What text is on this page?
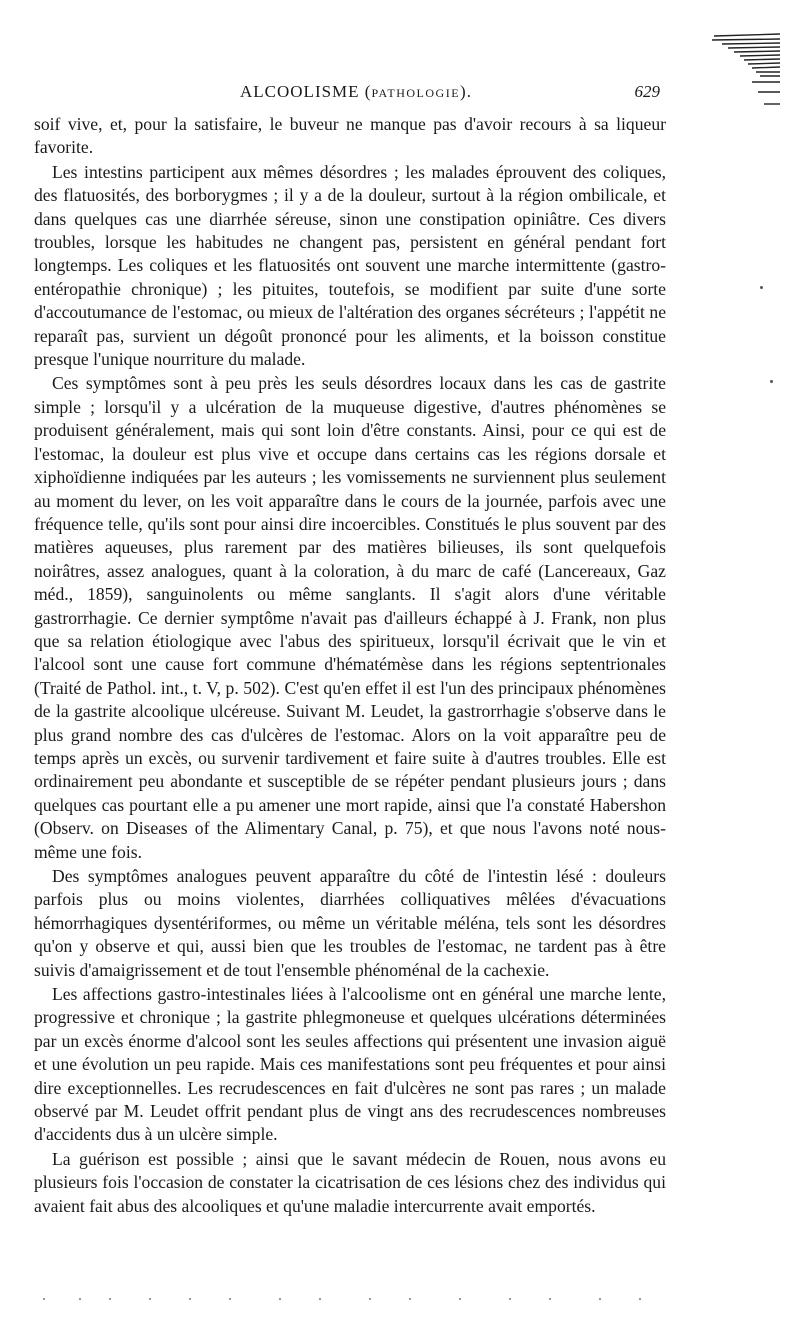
ALCOOLISME (PATHOLOGIE).	629

soif vive, et, pour la satisfaire, le buveur ne manque pas d'avoir recours à sa liqueur favorite.

Les intestins participent aux mêmes désordres ; les malades éprouvent des coliques, des flatuosités, des borborygmes ; il y a de la douleur, surtout à la région ombilicale, et dans quelques cas une diarrhée séreuse, sinon une constipation opiniâtre. Ces divers troubles, lorsque les habitudes ne changent pas, persistent en général pendant fort longtemps. Les coliques et les flatuosités ont souvent une marche intermittente (gastro-entéropathie chronique) ; les pituites, toutefois, se modifient par suite d'une sorte d'accoutumance de l'estomac, ou mieux de l'altération des organes sécréteurs ; l'appétit ne reparaît pas, survient un dégoût prononcé pour les aliments, et la boisson constitue presque l'unique nourriture du malade.

Ces symptômes sont à peu près les seuls désordres locaux dans les cas de gastrite simple ; lorsqu'il y a ulcération de la muqueuse digestive, d'autres phénomènes se produisent généralement, mais qui sont loin d'être constants. Ainsi, pour ce qui est de l'estomac, la douleur est plus vive et occupe dans certains cas les régions dorsale et xiphoïdienne indiquées par les auteurs ; les vomissements ne surviennent plus seulement au moment du lever, on les voit apparaître dans le cours de la journée, parfois avec une fréquence telle, qu'ils sont pour ainsi dire incoercibles. Constitués le plus souvent par des matières aqueuses, plus rarement par des matières bilieuses, ils sont quelquefois noirâtres, assez analogues, quant à la coloration, à du marc de café (Lancereaux, Gaz méd., 1859), sanguinolents ou même sanglants. Il s'agit alors d'une véritable gastrorrhagie. Ce dernier symptôme n'avait pas d'ailleurs échappé à J. Frank, non plus que sa relation étiologique avec l'abus des spiritueux, lorsqu'il écrivait que le vin et l'alcool sont une cause fort commune d'hématémèse dans les régions septentrionales (Traité de Pathol. int., t. V, p. 502). C'est qu'en effet il est l'un des principaux phénomènes de la gastrite alcoolique ulcéreuse. Suivant M. Leudet, la gastrorrhagie s'observe dans le plus grand nombre des cas d'ulcères de l'estomac. Alors on la voit apparaître peu de temps après un excès, ou survenir tardivement et faire suite à d'autres troubles. Elle est ordinairement peu abondante et susceptible de se répéter pendant plusieurs jours ; dans quelques cas pourtant elle a pu amener une mort rapide, ainsi que l'a constaté Habershon (Observ. on Diseases of the Alimentary Canal, p. 75), et que nous l'avons noté nous-même une fois.

Des symptômes analogues peuvent apparaître du côté de l'intestin lésé : douleurs parfois plus ou moins violentes, diarrhées colliquatives mêlées d'évacuations hémorrhagiques dysentériformes, ou même un véritable méléna, tels sont les désordres qu'on y observe et qui, aussi bien que les troubles de l'estomac, ne tardent pas à être suivis d'amaigrissement et de tout l'ensemble phénoménal de la cachexie.

Les affections gastro-intestinales liées à l'alcoolisme ont en général une marche lente, progressive et chronique ; la gastrite phlegmoneuse et quelques ulcérations déterminées par un excès énorme d'alcool sont les seules affections qui présentent une invasion aiguë et une évolution un peu rapide. Mais ces manifestations sont peu fréquentes et pour ainsi dire exceptionnelles. Les recrudescences en fait d'ulcères ne sont pas rares ; un malade observé par M. Leudet offrit pendant plus de vingt ans des recrudescences nombreuses d'accidents dus à un ulcère simple.

La guérison est possible ; ainsi que le savant médecin de Rouen, nous avons eu plusieurs fois l'occasion de constater la cicatrisation de ces lésions chez des individus qui avaient fait abus des alcooliques et qu'une maladie intercurrente avait emportés.
